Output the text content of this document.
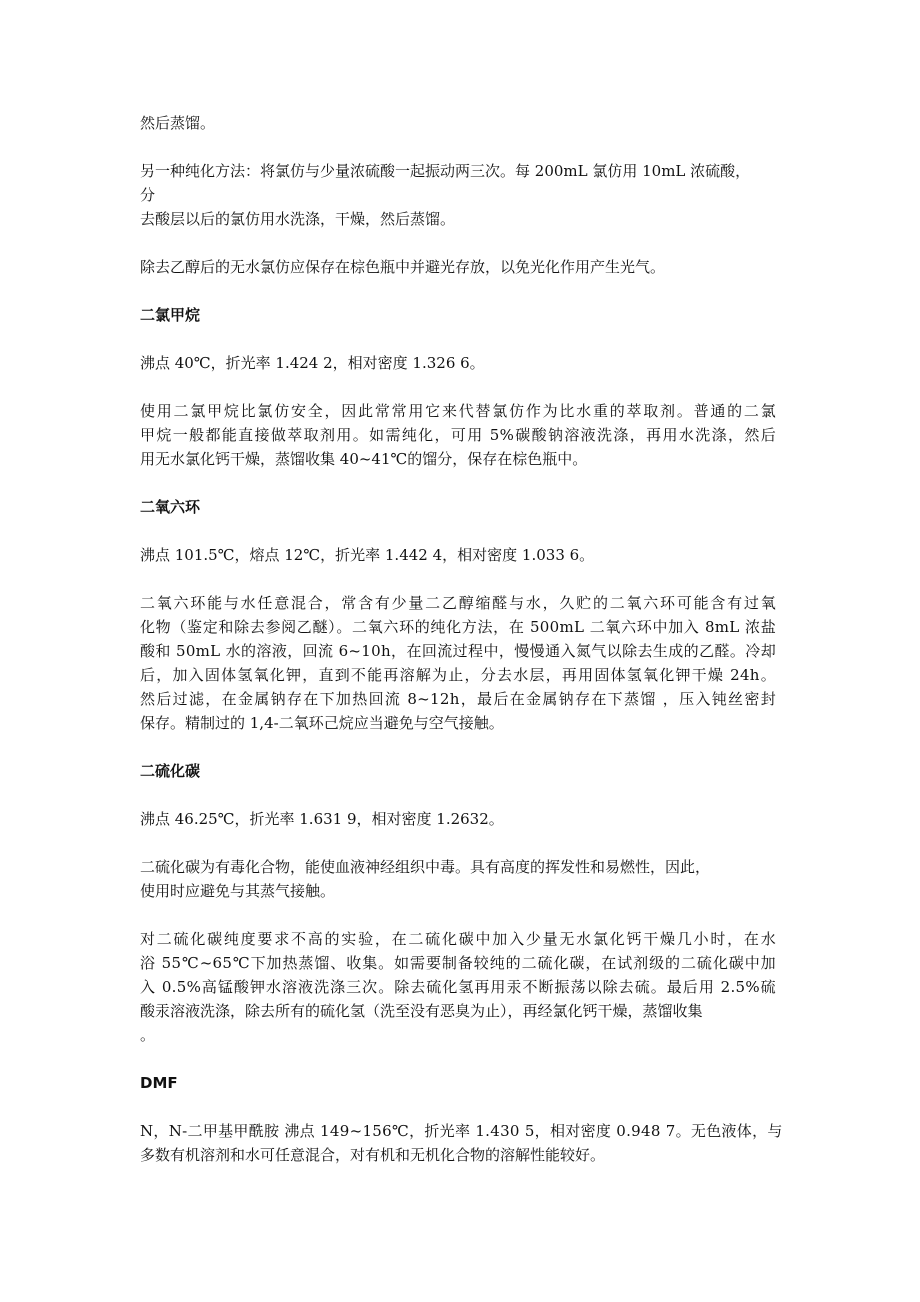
然后蒸馏。

另一种纯化方法：将氯仿与少量浓硫酸一起振动两三次。每 200mL 氯仿用 10mL 浓硫酸，

分

去酸层以后的氯仿用水洗涤，干燥，然后蒸馏。

除去乙醇后的无水氯仿应保存在棕色瓶中并避光存放，以免光化作用产生光气。

二氯甲烷

沸点 40℃，折光率 1.424 2，相对密度 1.326 6。

使用二氯甲烷比氯仿安全，因此常常用它来代替氯仿作为比水重的萃取剂。普通的二氯

甲烷一般都能直接做萃取剂用。如需纯化，可用 5%碳酸钠溶液洗涤，再用水洗涤，然后

用无水氯化钙干燥，蒸馏收集 40~41℃的馏分，保存在棕色瓶中。

二氧六环

沸点 101.5℃，熔点 12℃，折光率 1.442 4，相对密度 1.033 6。

二氧六环能与水任意混合，常含有少量二乙醇缩醛与水，久贮的二氧六环可能含有过氧

化物（鉴定和除去参阅乙醚）。二氧六环的纯化方法，在 500mL 二氧六环中加入 8mL 浓盐

酸和 50mL 水的溶液，回流 6~10h，在回流过程中，慢慢通入氮气以除去生成的乙醛。冷却

后，加入固体氢氧化钾，直到不能再溶解为止，分去水层，再用固体氢氧化钾干燥 24h。

然后过滤，在金属钠存在下加热回流 8~12h，最后在金属钠存在下蒸馏 ，压入钝丝密封

保存。精制过的 1,4-二氧环己烷应当避免与空气接触。

二硫化碳

沸点 46.25℃，折光率 1.631 9，相对密度 1.2632。

二硫化碳为有毒化合物，能使血液神经组织中毒。具有高度的挥发性和易燃性，因此，

使用时应避免与其蒸气接触。

对二硫化碳纯度要求不高的实验，在二硫化碳中加入少量无水氯化钙干燥几小时，在水

浴 55℃~65℃下加热蒸馏、收集。如需要制备较纯的二硫化碳，在试剂级的二硫化碳中加

入 0.5%高锰酸钾水溶液洗涤三次。除去硫化氢再用汞不断振荡以除去硫。最后用 2.5%硫

酸汞溶液洗涤，除去所有的硫化氢（洗至没有恶臭为止），再经氯化钙干燥，蒸馏收集

。

DMF

N，N-二甲基甲酰胺 沸点 149~156℃，折光率 1.430 5，相对密度 0.948 7。无色液体，与

多数有机溶剂和水可任意混合，对有机和无机化合物的溶解性能较好。
